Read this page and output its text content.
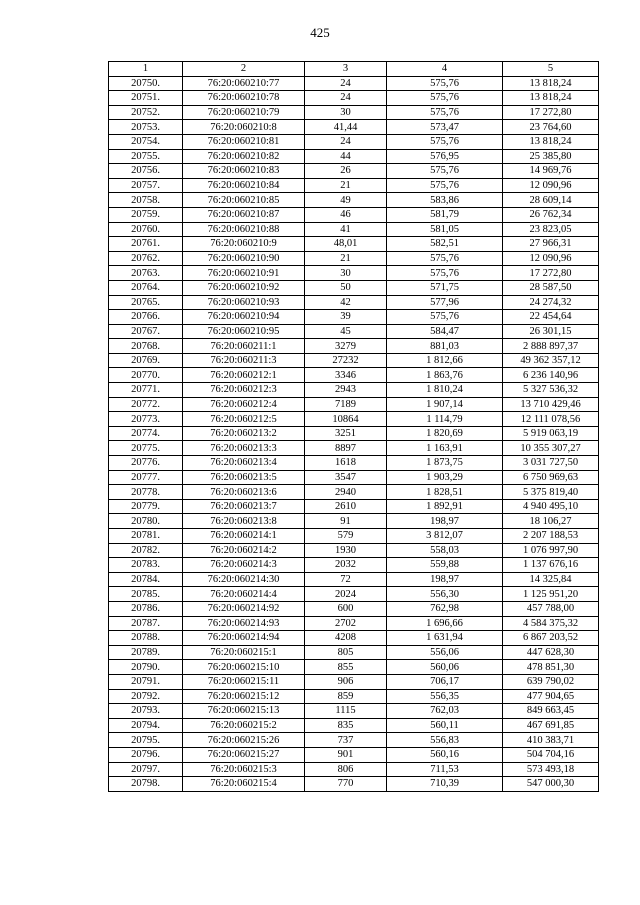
425
1	2	3	4	5
20750.	76:20:060210:77	24	575,76	13 818,24
20751.	76:20:060210:78	24	575,76	13 818,24
20752.	76:20:060210:79	30	575,76	17 272,80
20753.	76:20:060210:8	41,44	573,47	23 764,60
20754.	76:20:060210:81	24	575,76	13 818,24
20755.	76:20:060210:82	44	576,95	25 385,80
20756.	76:20:060210:83	26	575,76	14 969,76
20757.	76:20:060210:84	21	575,76	12 090,96
20758.	76:20:060210:85	49	583,86	28 609,14
20759.	76:20:060210:87	46	581,79	26 762,34
20760.	76:20:060210:88	41	581,05	23 823,05
20761.	76:20:060210:9	48,01	582,51	27 966,31
20762.	76:20:060210:90	21	575,76	12 090,96
20763.	76:20:060210:91	30	575,76	17 272,80
20764.	76:20:060210:92	50	571,75	28 587,50
20765.	76:20:060210:93	42	577,96	24 274,32
20766.	76:20:060210:94	39	575,76	22 454,64
20767.	76:20:060210:95	45	584,47	26 301,15
20768.	76:20:060211:1	3279	881,03	2 888 897,37
20769.	76:20:060211:3	27232	1 812,66	49 362 357,12
20770.	76:20:060212:1	3346	1 863,76	6 236 140,96
20771.	76:20:060212:3	2943	1 810,24	5 327 536,32
20772.	76:20:060212:4	7189	1 907,14	13 710 429,46
20773.	76:20:060212:5	10864	1 114,79	12 111 078,56
20774.	76:20:060213:2	3251	1 820,69	5 919 063,19
20775.	76:20:060213:3	8897	1 163,91	10 355 307,27
20776.	76:20:060213:4	1618	1 873,75	3 031 727,50
20777.	76:20:060213:5	3547	1 903,29	6 750 969,63
20778.	76:20:060213:6	2940	1 828,51	5 375 819,40
20779.	76:20:060213:7	2610	1 892,91	4 940 495,10
20780.	76:20:060213:8	91	198,97	18 106,27
20781.	76:20:060214:1	579	3 812,07	2 207 188,53
20782.	76:20:060214:2	1930	558,03	1 076 997,90
20783.	76:20:060214:3	2032	559,88	1 137 676,16
20784.	76:20:060214:30	72	198,97	14 325,84
20785.	76:20:060214:4	2024	556,30	1 125 951,20
20786.	76:20:060214:92	600	762,98	457 788,00
20787.	76:20:060214:93	2702	1 696,66	4 584 375,32
20788.	76:20:060214:94	4208	1 631,94	6 867 203,52
20789.	76:20:060215:1	805	556,06	447 628,30
20790.	76:20:060215:10	855	560,06	478 851,30
20791.	76:20:060215:11	906	706,17	639 790,02
20792.	76:20:060215:12	859	556,35	477 904,65
20793.	76:20:060215:13	1115	762,03	849 663,45
20794.	76:20:060215:2	835	560,11	467 691,85
20795.	76:20:060215:26	737	556,83	410 383,71
20796.	76:20:060215:27	901	560,16	504 704,16
20797.	76:20:060215:3	806	711,53	573 493,18
20798.	76:20:060215:4	770	710,39	547 000,30
